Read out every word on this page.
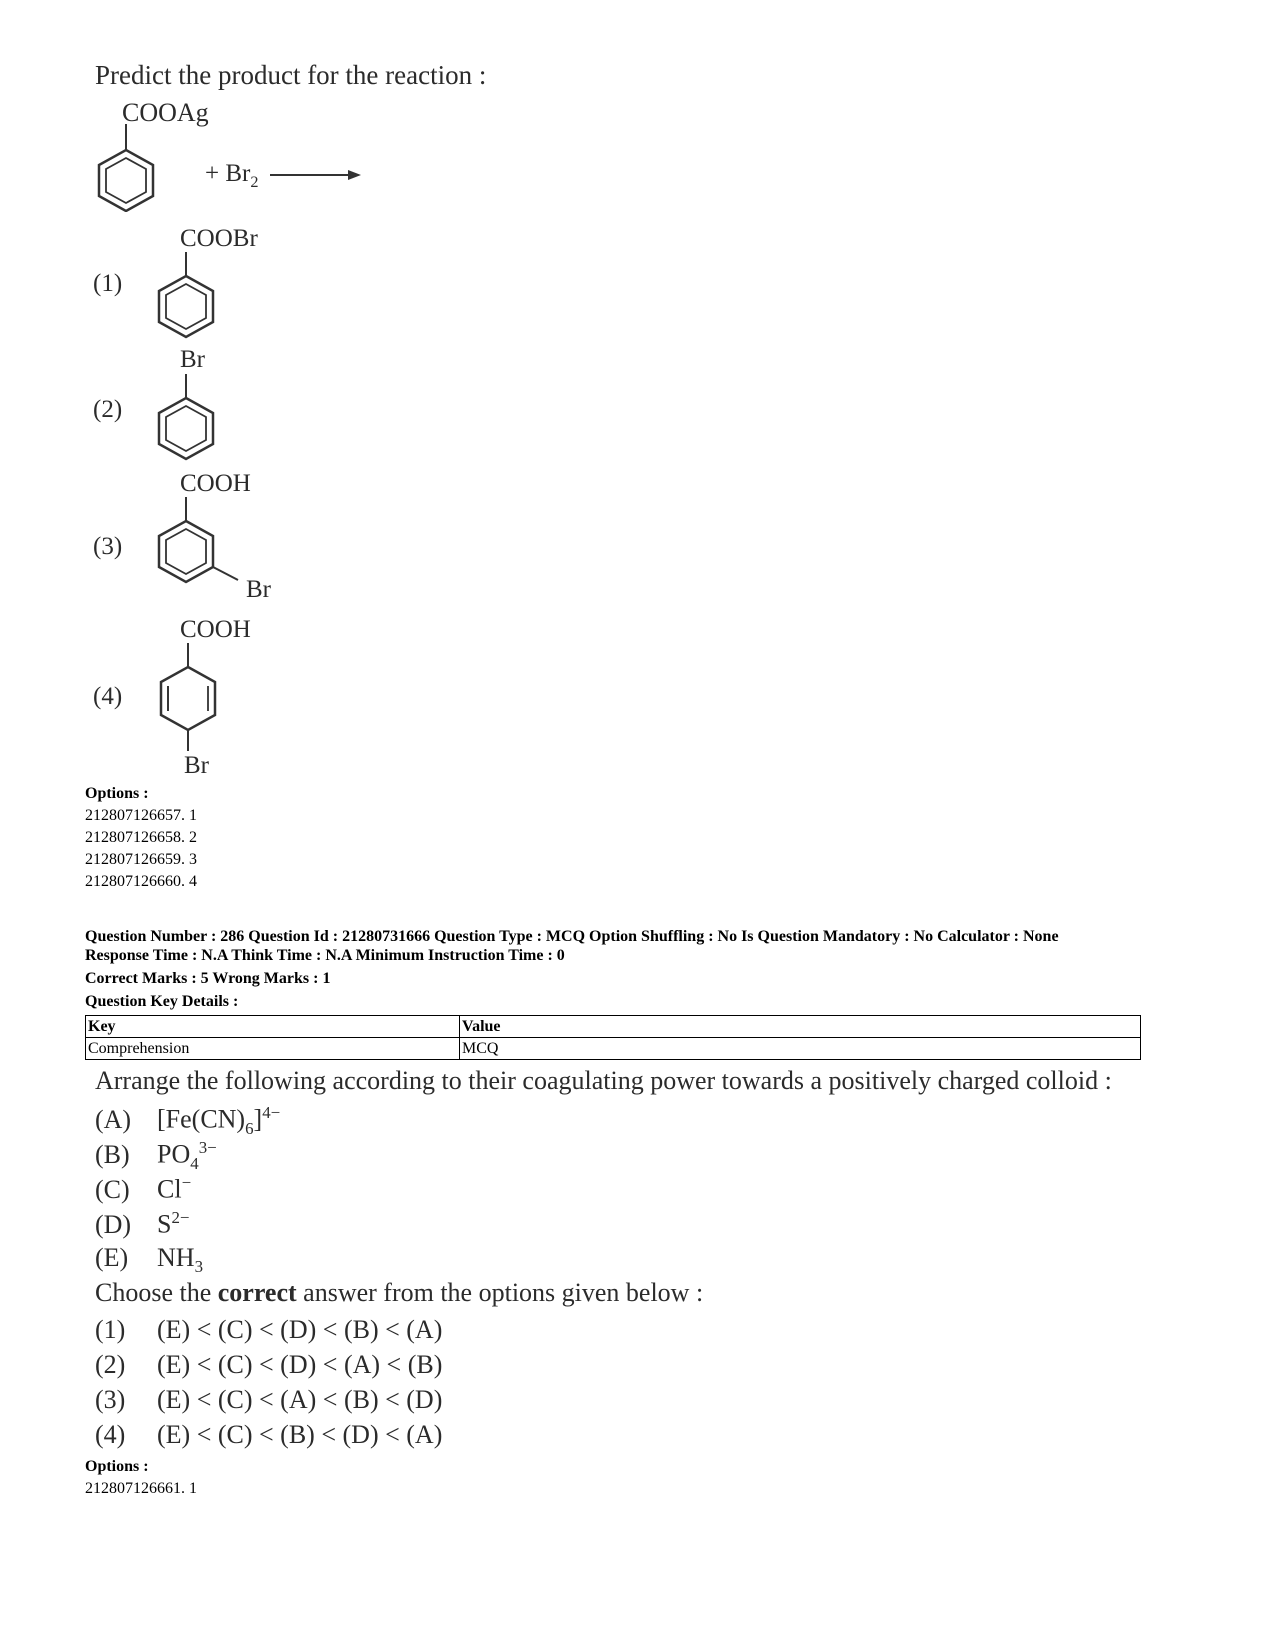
Predict the product for the reaction :
COOAg
+ $Br_2$
(1)
COOBr
(2)
Br
(3)
COOH
Br
(4)
COOH
Br
Options :
212807126657. 1
212807126658. 2
212807126659. 3
212807126660. 4
Question Number : 286 Question Id : 21280731666 Question Type : MCQ Option Shuffling : No Is Question Mandatory : No Calculator : None
Response Time : N.A Think Time : N.A Minimum Instruction Time : 0
Correct Marks : 5 Wrong Marks : 1
Question Key Details :
Key	Value
Comprehension	MCQ
Arrange the following according to their coagulating power towards a positively charged colloid :
(A) $[Fe(CN)_6]^{4-}$
(B) $PO_4^{3-}$
(C) Cl−
(D) $S^{2-}$
(E) $NH_3$
Choose the correct answer from the options given below :
(1) (E) < (C) < (D) < (B) < (A)
(2) (E) < (C) < (D) < (A) < (B)
(3) (E) < (C) < (A) < (B) < (D)
(4) (E) < (C) < (B) < (D) < (A)
Options :
212807126661. 1
